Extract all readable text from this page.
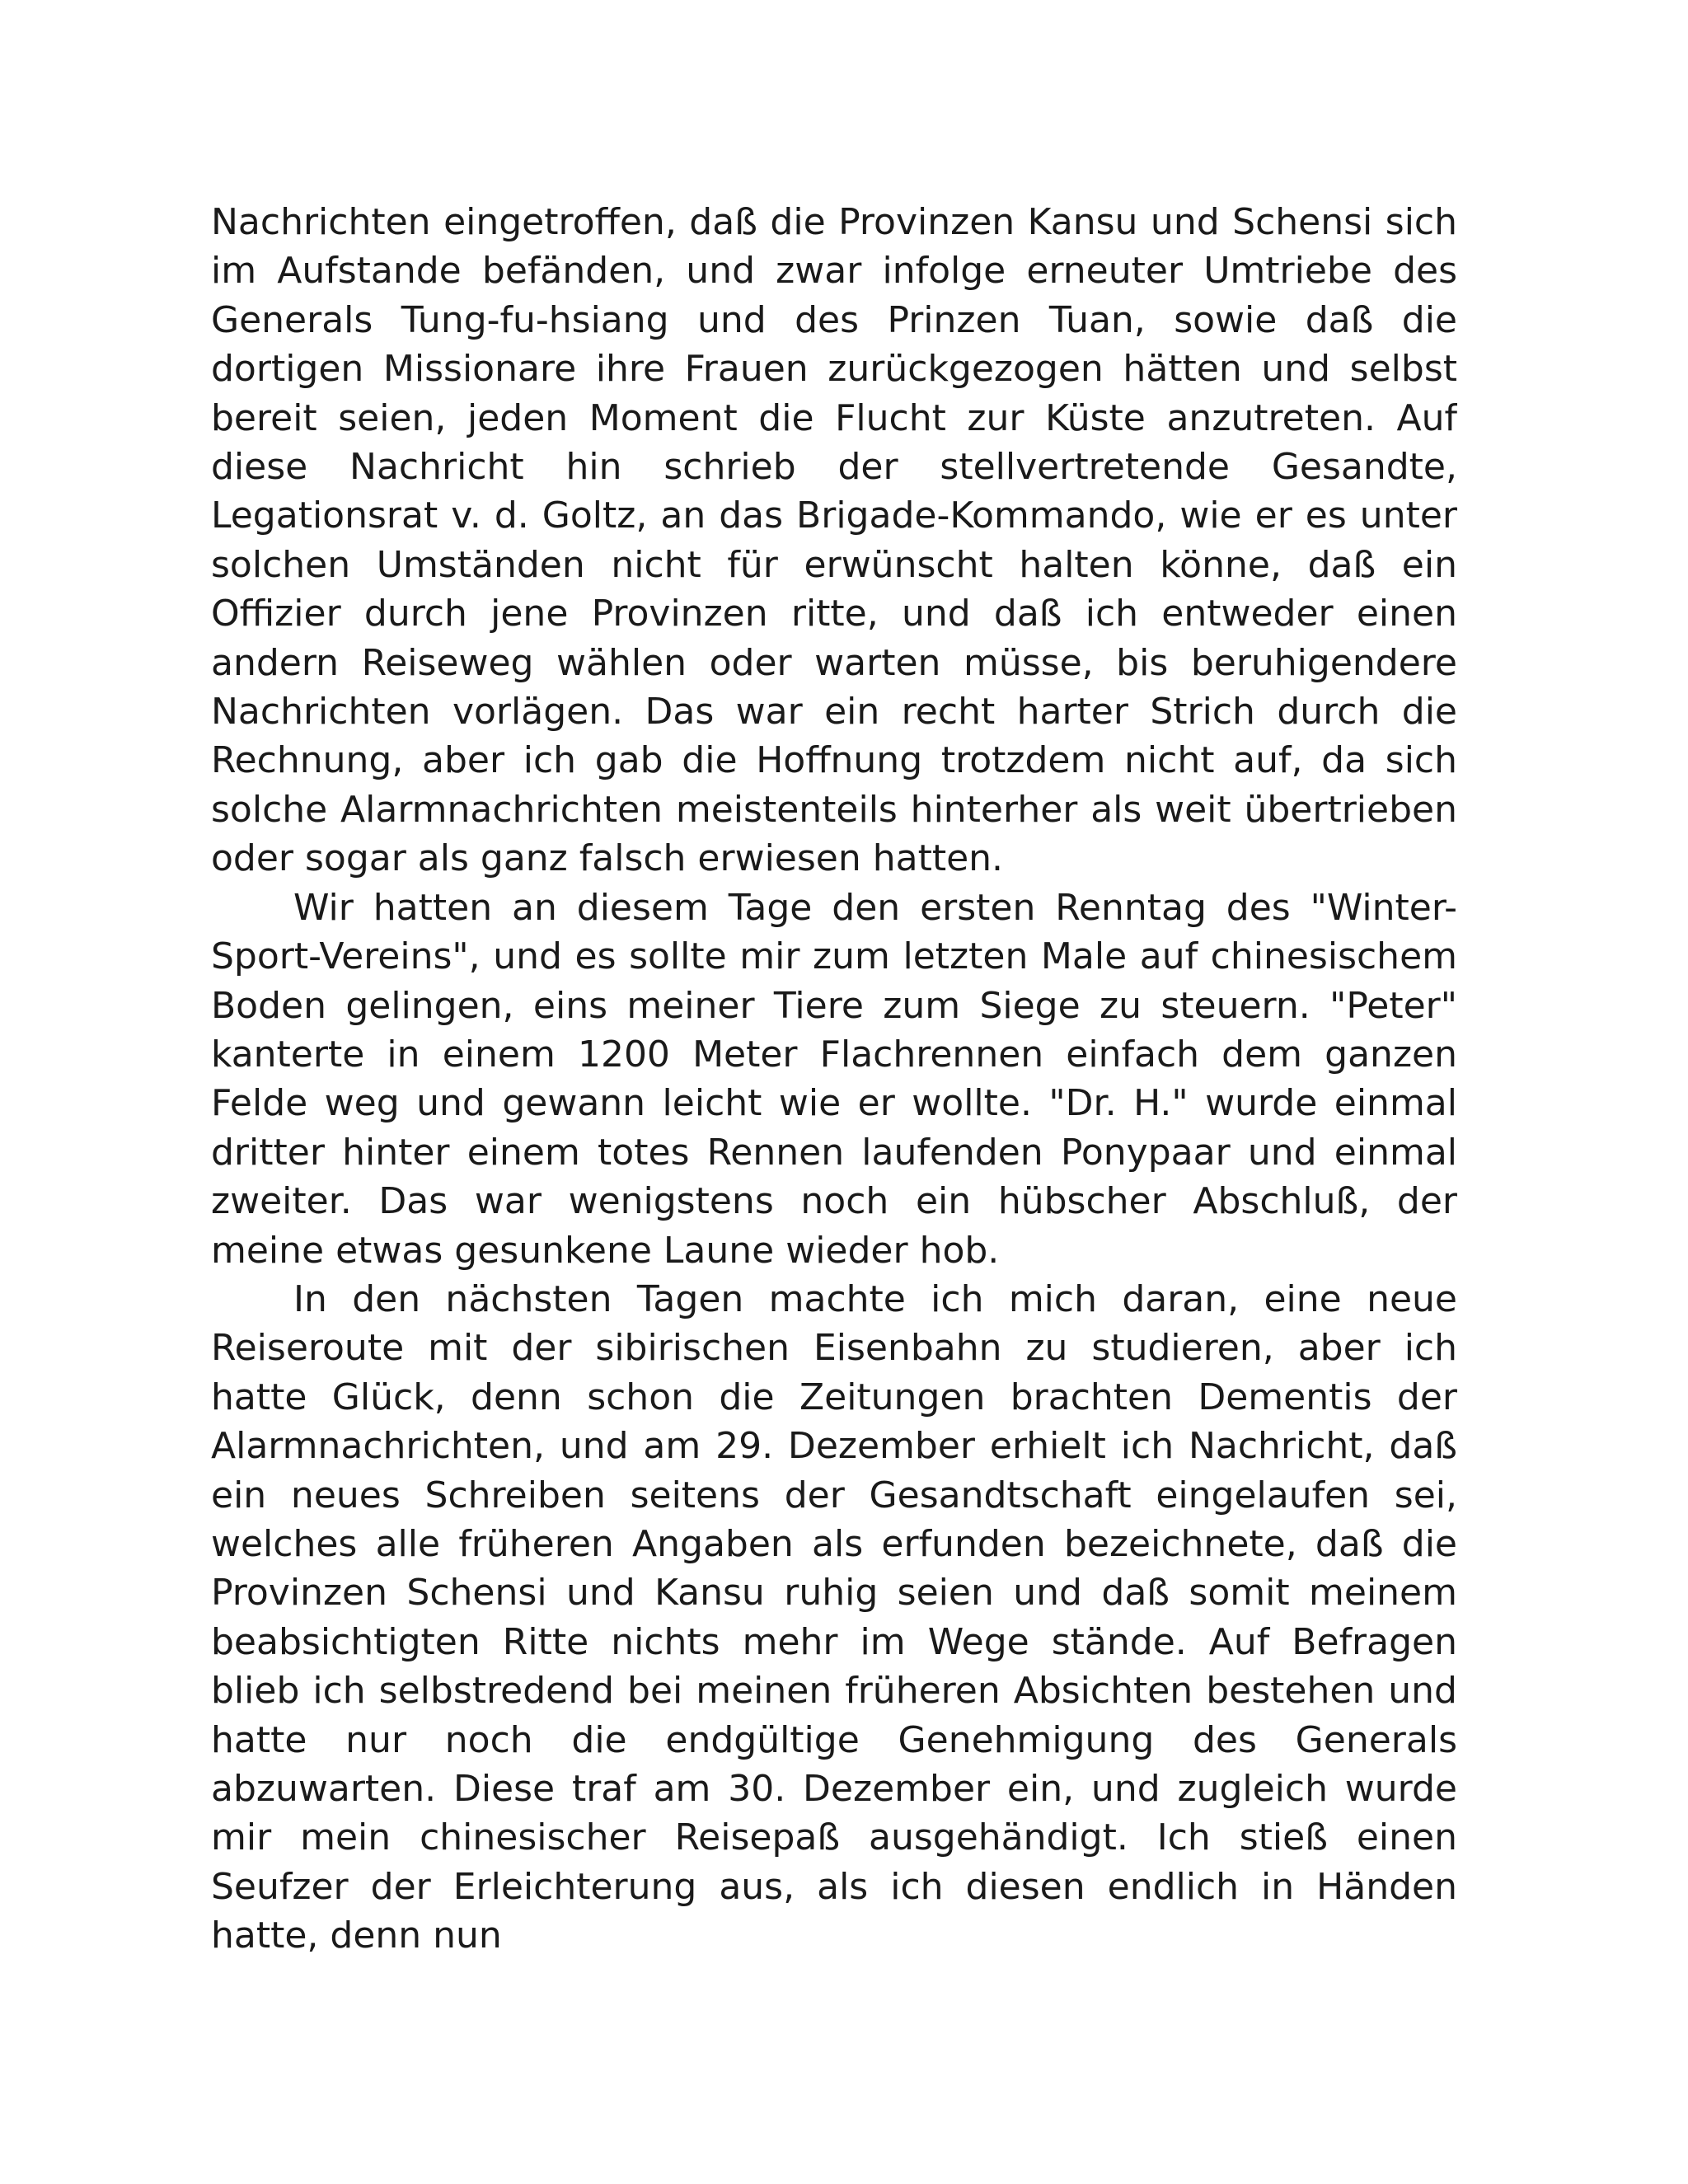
Nachrichten eingetroffen, daß die Provinzen Kansu und Schensi sich im Aufstande befänden, und zwar infolge erneuter Umtriebe des Generals Tung-fu-hsiang und des Prinzen Tuan, sowie daß die dortigen Missionare ihre Frauen zurückgezogen hätten und selbst bereit seien, jeden Moment die Flucht zur Küste anzutreten. Auf diese Nachricht hin schrieb der stellvertretende Gesandte, Legationsrat v. d. Goltz, an das Brigade-Kommando, wie er es unter solchen Umständen nicht für erwünscht halten könne, daß ein Offizier durch jene Provinzen ritte, und daß ich entweder einen andern Reiseweg wählen oder warten müsse, bis beruhigendere Nachrichten vorlägen. Das war ein recht harter Strich durch die Rechnung, aber ich gab die Hoffnung trotzdem nicht auf, da sich solche Alarmnachrichten meistenteils hinterher als weit übertrieben oder sogar als ganz falsch erwiesen hatten.

Wir hatten an diesem Tage den ersten Renntag des "Winter-Sport-Vereins", und es sollte mir zum letzten Male auf chinesischem Boden gelingen, eins meiner Tiere zum Siege zu steuern. "Peter" kanterte in einem 1200 Meter Flachrennen einfach dem ganzen Felde weg und gewann leicht wie er wollte. "Dr. H." wurde einmal dritter hinter einem totes Rennen laufenden Ponypaar und einmal zweiter. Das war wenigstens noch ein hübscher Abschluß, der meine etwas gesunkene Laune wieder hob.

In den nächsten Tagen machte ich mich daran, eine neue Reiseroute mit der sibirischen Eisenbahn zu studieren, aber ich hatte Glück, denn schon die Zeitungen brachten Dementis der Alarmnachrichten, und am 29. Dezember erhielt ich Nachricht, daß ein neues Schreiben seitens der Gesandtschaft eingelaufen sei, welches alle früheren Angaben als erfunden bezeichnete, daß die Provinzen Schensi und Kansu ruhig seien und daß somit meinem beabsichtigten Ritte nichts mehr im Wege stände. Auf Befragen blieb ich selbstredend bei meinen früheren Absichten bestehen und hatte nur noch die endgültige Genehmigung des Generals abzuwarten. Diese traf am 30. Dezember ein, und zugleich wurde mir mein chinesischer Reisepaß ausgehändigt. Ich stieß einen Seufzer der Erleichterung aus, als ich diesen endlich in Händen hatte, denn nun
